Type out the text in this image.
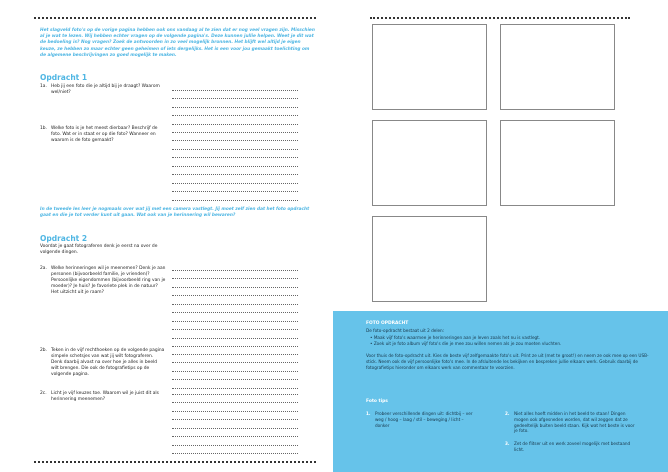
Het slagveld foto's op de vorige pagina hebben ook ons vandaag al te zien dat er nog veel vragen zijn. Misschien al je wat te lezen. Wij hebben echter vragen op de volgende pagina's. Deze kunnen jullie helpen. Weet je dit wat de bedoeling is? Nog vragen? Zoek de antwoorden in zo veel mogelijk bronnen. Het blijft wel altijd je eigen keuze, ze hebben zo maar echter geen geheimen of iets dergelijks. Het is een voor jou gemaakt toelichting om de algemene beschrijvingen zo goed mogelijk te maken.
Opdracht 1
1a. Heb jij een foto die je altijd bij je draagt? Waarom wel/niet?
1b. Welke foto is je het meest dierbaar? Beschrijf de foto. Wat er in staat er op die foto? Wanneer en waarom is de foto gemaakt?
In de tweede les leer je nogmaals over wat jij met een camera vastlegt. Jij moet zelf zien dat het foto opdracht gaat en die je tot verder kunt uit gaan. Wat ook van je herinnering wil bewaren?
Opdracht 2
Voordat je gaat fotograferen denk je eerst na over de volgende dingen.
2a. Welke herinneringen wil je meenemen? Denk je aan personen (bijvoorbeeld familie, je vrienden)? Persoonlijke eigendommen (bijvoorbeeld ring van je moeder)? Je huis? Je favoriete plek in de natuur? Het uitzicht uit je raam?
2b. Teken in de vijf rechthoeken op de volgende pagina simpele schetsjes van wat jij wilt fotograferen. Denk daarbij alvast na over hoe je alles in beeld wilt brengen. Die ook de fotografietips op de volgende pagina.
2c. Licht je vijf keuzes toe. Waarom wil je juist dit als herinnering meenemen?
FOTO OPDRACHT
De foto-opdracht bestaat uit 2 delen:
• Maak vijf foto's waarmee je herinneringen aan je leven zoals het nu is vastlegt.
• Zoek uit je foto album vijf foto's die je mee zou willen nemen als je zou moeten vluchten.
Voor thuis de foto-opdracht uit. Kies de beste vijf zelfgemaakte foto's uit. Print ze uit (met te groot!) en neem ze ook mee op een USB-stick. Neem ook de vijf persoonlijke foto's mee. In de afsluitende les bekijken en bespreken jullie elkaars werk. Gebruik daarbij de fotografietips hieronder om elkaars werk van commentaar te voorzien.
Foto tips
1. Probeer verschillende dingen uit: dichtbij – ver weg / hoog – laag / stil – beweging / licht – donker
2. Niet alles hoeft midden in het beeld te staan! Dingen mogen ook afgesneden worden, dat wil zeggen dat ze gedeeltelijk buiten beeld staan. Kijk wat het beste is voor je foto.
3. Zet de flitser uit en werk zoveel mogelijk met bestaand licht.
